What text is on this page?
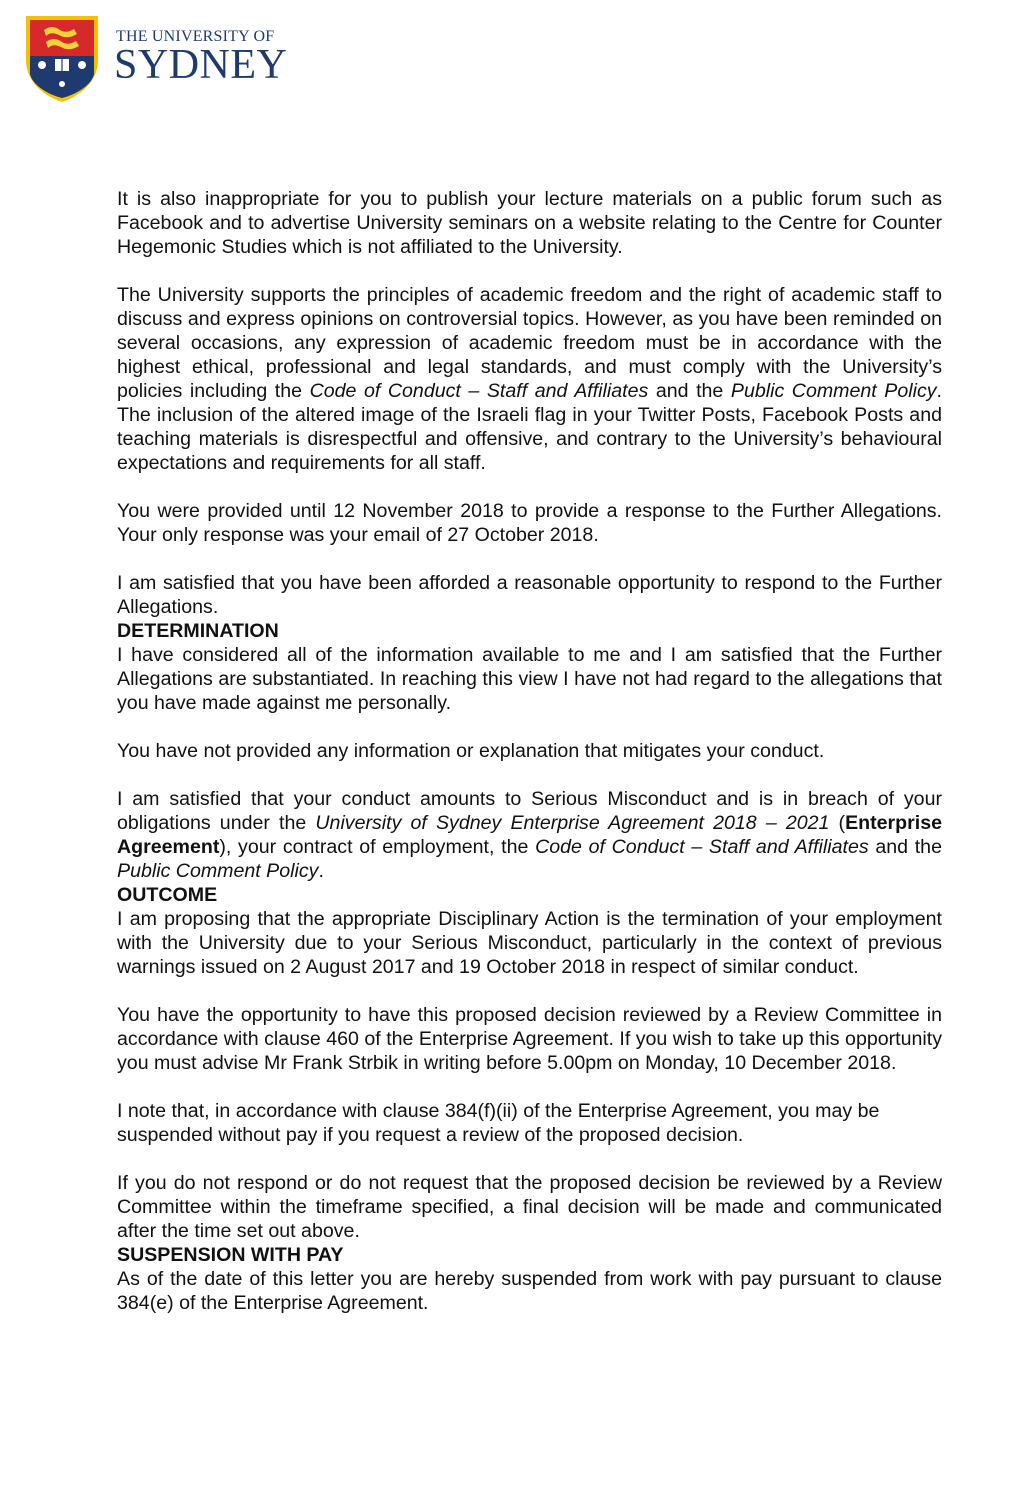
THE UNIVERSITY OF
SYDNEY

It is also inappropriate for you to publish your lecture materials on a public forum such as Facebook and to advertise University seminars on a website relating to the Centre for Counter Hegemonic Studies which is not affiliated to the University.

The University supports the principles of academic freedom and the right of academic staff to discuss and express opinions on controversial topics. However, as you have been reminded on several occasions, any expression of academic freedom must be in accordance with the highest ethical, professional and legal standards, and must comply with the University’s policies including the Code of Conduct – Staff and Affiliates and the Public Comment Policy. The inclusion of the altered image of the Israeli flag in your Twitter Posts, Facebook Posts and teaching materials is disrespectful and offensive, and contrary to the University’s behavioural expectations and requirements for all staff.

You were provided until 12 November 2018 to provide a response to the Further Allegations. Your only response was your email of 27 October 2018.

I am satisfied that you have been afforded a reasonable opportunity to respond to the Further Allegations.

DETERMINATION

I have considered all of the information available to me and I am satisfied that the Further Allegations are substantiated. In reaching this view I have not had regard to the allegations that you have made against me personally.

You have not provided any information or explanation that mitigates your conduct.

I am satisfied that your conduct amounts to Serious Misconduct and is in breach of your obligations under the University of Sydney Enterprise Agreement 2018 – 2021 (Enterprise Agreement), your contract of employment, the Code of Conduct – Staff and Affiliates and the Public Comment Policy.

OUTCOME

I am proposing that the appropriate Disciplinary Action is the termination of your employment with the University due to your Serious Misconduct, particularly in the context of previous warnings issued on 2 August 2017 and 19 October 2018 in respect of similar conduct.

You have the opportunity to have this proposed decision reviewed by a Review Committee in accordance with clause 460 of the Enterprise Agreement. If you wish to take up this opportunity you must advise Mr Frank Strbik in writing before 5.00pm on Monday, 10 December 2018.

I note that, in accordance with clause 384(f)(ii) of the Enterprise Agreement, you may be suspended without pay if you request a review of the proposed decision.

If you do not respond or do not request that the proposed decision be reviewed by a Review Committee within the timeframe specified, a final decision will be made and communicated after the time set out above.

SUSPENSION WITH PAY

As of the date of this letter you are hereby suspended from work with pay pursuant to clause 384(e) of the Enterprise Agreement.
